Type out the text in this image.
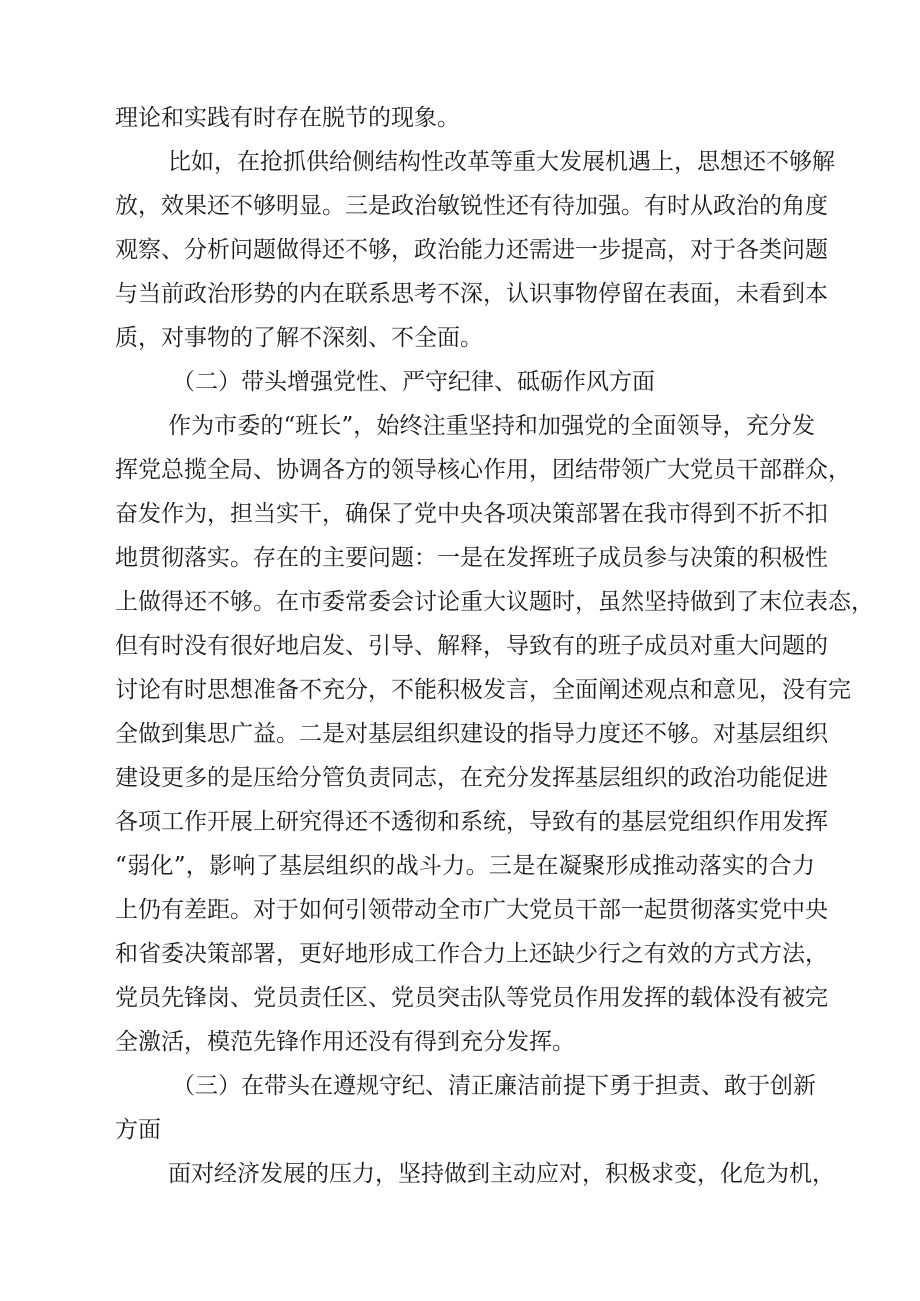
理论和实践有时存在脱节的现象。
比如，在抢抓供给侧结构性改革等重大发展机遇上，思想还不够解
放，效果还不够明显。三是政治敏锐性还有待加强。有时从政治的角度
观察、分析问题做得还不够，政治能力还需进一步提高，对于各类问题
与当前政治形势的内在联系思考不深，认识事物停留在表面，未看到本
质，对事物的了解不深刻、不全面。
（二）带头增强党性、严守纪律、砥砺作风方面
作为市委的“班长”，始终注重坚持和加强党的全面领导，充分发
挥党总揽全局、协调各方的领导核心作用，团结带领广大党员干部群众，
奋发作为，担当实干，确保了党中央各项决策部署在我市得到不折不扣
地贯彻落实。存在的主要问题：一是在发挥班子成员参与决策的积极性
上做得还不够。在市委常委会讨论重大议题时，虽然坚持做到了末位表态，
但有时没有很好地启发、引导、解释，导致有的班子成员对重大问题的
讨论有时思想准备不充分，不能积极发言，全面阐述观点和意见，没有完
全做到集思广益。二是对基层组织建设的指导力度还不够。对基层组织
建设更多的是压给分管负责同志，在充分发挥基层组织的政治功能促进
各项工作开展上研究得还不透彻和系统，导致有的基层党组织作用发挥
“弱化”，影响了基层组织的战斗力。三是在凝聚形成推动落实的合力
上仍有差距。对于如何引领带动全市广大党员干部一起贯彻落实党中央
和省委决策部署，更好地形成工作合力上还缺少行之有效的方式方法，
党员先锋岗、党员责任区、党员突击队等党员作用发挥的载体没有被完
全激活，模范先锋作用还没有得到充分发挥。
（三）在带头在遵规守纪、清正廉洁前提下勇于担责、敢于创新
方面
面对经济发展的压力，坚持做到主动应对，积极求变，化危为机，
